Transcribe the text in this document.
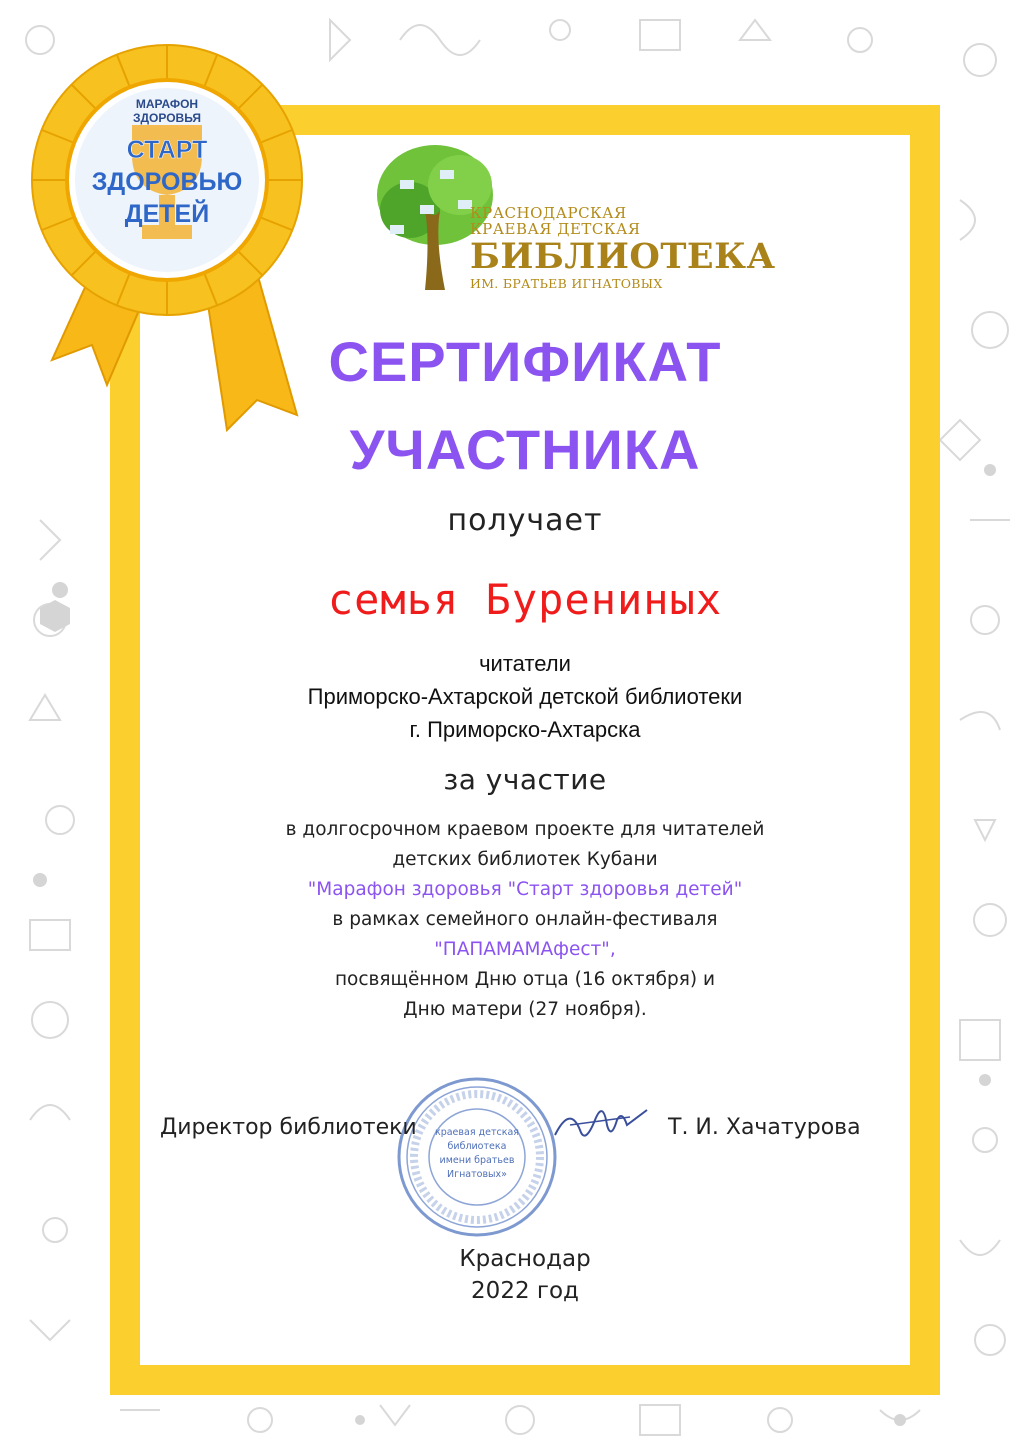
МАРАФОН
ЗДОРОВЬЯ
СТАРТ
ЗДОРОВЬЮ
ДЕТЕЙ	КРАСНОДАРСКАЯ
КРАЕВАЯ ДЕТСКАЯ
БИБЛИОТЕКА
ИМ. БРАТЬЕВ ИГНАТОВЫХ
СЕРТИФИКАТ
УЧАСТНИКА
получает
семья Бурениных
читатели
Приморско-Ахтарской детской библиотеки
г. Приморско-Ахтарска
за участие
в долгосрочном краевом проекте для читателей
детских библиотек Кубани
"Марафон здоровья "Старт здоровья детей"
в рамках семейного онлайн-фестиваля
"ПАПАМАМАфест",
посвящённом Дню отца (16 октября) и
Дню матери (27 ноября).
краевая детская
библиотека
имени братьев
Игнатовых»
Директор библиотеки	Т. И. Хачатурова
Краснодар
2022 год
